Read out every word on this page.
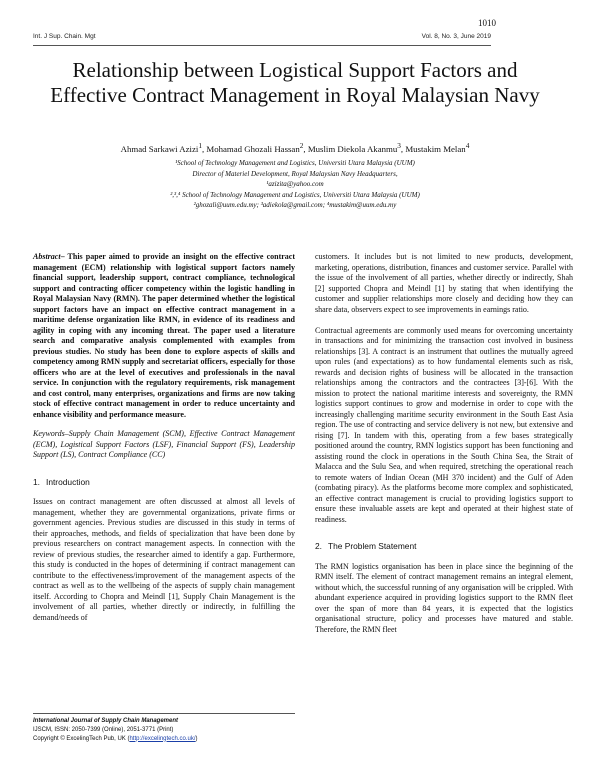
1010
Int. J Sup. Chain. Mgt	Vol. 8, No. 3, June 2019
Relationship between Logistical Support Factors and Effective Contract Management in Royal Malaysian Navy
Ahmad Sarkawi Azizi$^1$, Mohamad Ghozali Hassan$^2$, Muslim Diekola Akanmu$^3$, Mustakim Melan$^4$
¹School of Technology Management and Logistics, Universiti Utara Malaysia (UUM)
Director of Materiel Development, Royal Malaysian Navy Headquarters,
¹azizita@yahoo.com
²,³,⁴ School of Technology Management and Logistics, Universiti Utara Malaysia (UUM)
²ghozali@uum.edu.my; ³adiekola@gmail.com; ⁴mustakim@uum.edu.my

Abstract– This paper aimed to provide an insight on the effective contract management (ECM) relationship with logistical support factors namely financial support, leadership support, contract compliance, technological support and contracting officer competency within the logistic handling in Royal Malaysian Navy (RMN). The paper determined whether the logistical support factors have an impact on effective contract management in a maritime defense organization like RMN, in evidence of its readiness and agility in coping with any incoming threat. The paper used a literature search and comparative analysis complemented with examples from previous studies. No study has been done to explore aspects of skills and competency among RMN supply and secretariat officers, especially for those officers who are at the level of executives and professionals in the naval service. In conjunction with the regulatory requirements, risk management and cost control, many enterprises, organizations and firms are now taking stock of effective contract management in order to reduce uncertainty and enhance visibility and performance measure.

Keywords–Supply Chain Management (SCM), Effective Contract Management (ECM), Logistical Support Factors (LSF), Financial Support (FS), Leadership Support (LS), Contract Compliance (CC)

1. Introduction

Issues on contract management are often discussed at almost all levels of management, whether they are governmental organizations, private firms or government agencies. Previous studies are discussed in this study in terms of their approaches, methods, and fields of specialization that have been done by previous researchers on contract management aspects. In connection with the review of previous studies, the researcher aimed to identify a gap. Furthermore, this study is conducted in the hopes of determining if contract management can contribute to the effectiveness/improvement of the management aspects of the contract as well as to the wellbeing of the aspects of supply chain management itself. According to Chopra and Meindl [1], Supply Chain Management is the involvement of all parties, whether directly or indirectly, in fulfilling the demand/needs of

customers. It includes but is not limited to new products, development, marketing, operations, distribution, finances and customer service. Parallel with the issue of the involvement of all parties, whether directly or indirectly, Shah [2] supported Chopra and Meindl [1] by stating that when identifying the customer and supplier relationships more closely and deciding how they can share data, observers expect to see improvements in earnings ratio.

Contractual agreements are commonly used means for overcoming uncertainty in transactions and for minimizing the transaction cost involved in business relationships [3]. A contract is an instrument that outlines the mutually agreed upon rules (and expectations) as to how fundamental elements such as risk, rewards and decision rights of business will be allocated in the transaction relationships among the contractors and the contractees [3]-[6]. With the mission to protect the national maritime interests and sovereignty, the RMN logistics support continues to grow and modernise in order to cope with the increasingly challenging maritime security environment in the South East Asia region. The use of contracting and service delivery is not new, but extensive and rising [7]. In tandem with this, operating from a few bases strategically positioned around the country, RMN logistics support has been functioning and assisting round the clock in operations in the South China Sea, the Strait of Malacca and the Sulu Sea, and when required, stretching the operational reach to remote waters of Indian Ocean (MH 370 incident) and the Gulf of Aden (combating piracy). As the platforms become more complex and sophisticated, an effective contract management is crucial to providing logistics support to ensure these invaluable assets are kept and operated at their highest state of readiness.

2. The Problem Statement

The RMN logistics organisation has been in place since the beginning of the RMN itself. The element of contract management remains an integral element, without which, the successful running of any organisation will be crippled. With abundant experience acquired in providing logistics support to the RMN fleet over the span of more than 84 years, it is expected that the logistics organisational structure, policy and processes have matured and stable. Therefore, the RMN fleet

International Journal of Supply Chain Management
IJSCM, ISSN: 2050-7399 (Online), 2051-3771 (Print)
Copyright © ExcelingTech Pub, UK (http://excelingtech.co.uk/)
